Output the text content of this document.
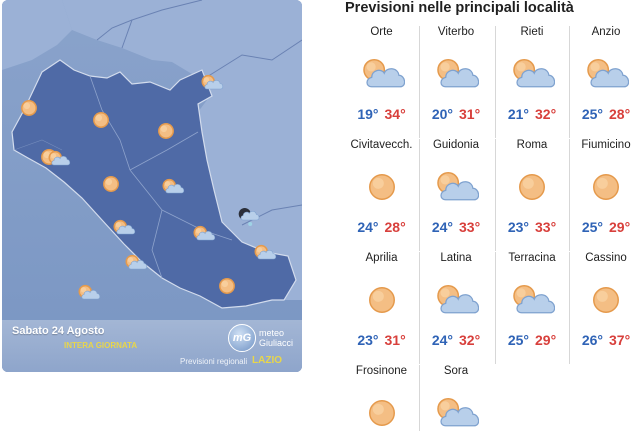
Sabato 24 Agosto
INTERA GIORNATA
mG meteo
Giuliacci
Previsioni regionali LAZIO
Previsioni nelle principali località
Orte
19° 34°
Viterbo
20° 31°
Rieti
21° 32°
Anzio
25° 28°
Civitavecch.
24° 28°
Guidonia
24° 33°
Roma
23° 33°
Fiumicino
25° 29°
Aprilia
23° 31°
Latina
24° 32°
Terracina
25° 29°
Cassino
26° 37°
Frosinone	Sora
